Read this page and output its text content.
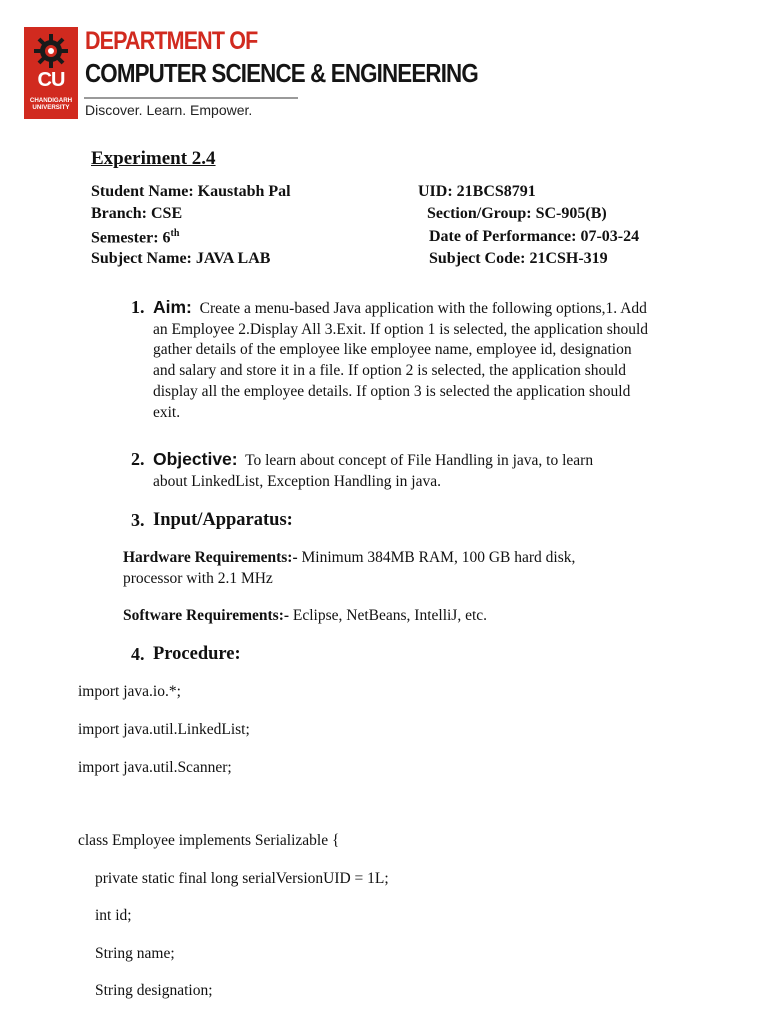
CU
CHANDIGARH UNIVERSITY
DEPARTMENT OF
COMPUTER SCIENCE & ENGINEERING
Discover. Learn. Empower.
Experiment 2.4
Student Name: Kaustabh Pal	UID: 21BCS8791
Branch: CSE	Section/Group: SC-905(B)
Semester: 6th	Date of Performance: 07-03-24
Subject Name: JAVA LAB	Subject Code: 21CSH-319
1. Aim: Create a menu-based Java application with the following options,1. Add
an Employee 2.Display All 3.Exit. If option 1 is selected, the application should
gather details of the employee like employee name, employee id, designation
and salary and store it in a file. If option 2 is selected, the application should
display all the employee details. If option 3 is selected the application should
exit.
2. Objective: To learn about concept of File Handling in java, to learn
about LinkedList, Exception Handling in java.
3. Input/Apparatus:
Hardware Requirements:- Minimum 384MB RAM, 100 GB hard disk,
processor with 2.1 MHz
Software Requirements:- Eclipse, NetBeans, IntelliJ, etc.
4. Procedure:
import java.io.*;
import java.util.LinkedList;
import java.util.Scanner;
class Employee implements Serializable {
private static final long serialVersionUID = 1L;
int id;
String name;
String designation;
